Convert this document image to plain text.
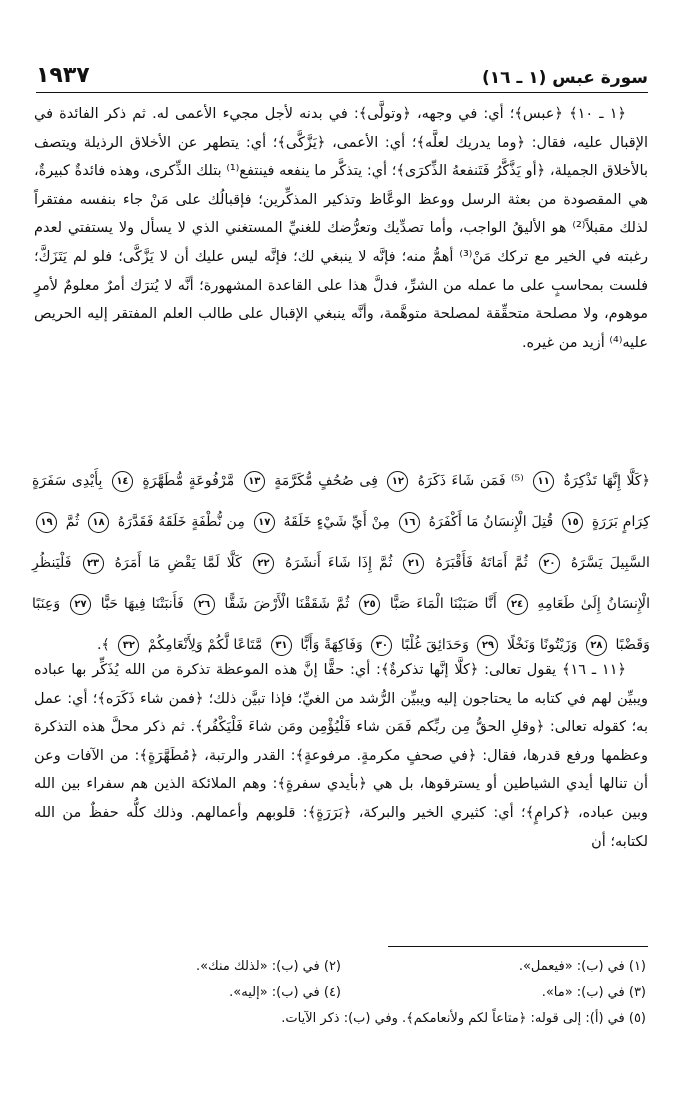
سورة عبس (١ ـ ١٦)
١٩٣٧

﴿١ ـ ١٠﴾ ﴿عبس﴾؛ أي: في وجهه، ﴿وتولَّى﴾: في بدنه لأجل مجيء الأعمى له. ثم ذكر الفائدة في الإقبال عليه، فقال: ﴿وما يدريك لعلَّه﴾؛ أي: الأعمى، ﴿يَزَّكَّى﴾؛ أي: يتطهر عن الأخلاق الرذيلة ويتصف بالأخلاق الجميلة، ﴿أو يَذَّكَّرُ فَتَنفعهُ الذِّكرَى﴾؛ أي: يتذكَّر ما ينفعه فينتفع⁽¹⁾ بتلك الذِّكرى، وهذه فائدةٌ كبيرةٌ، هي المقصودة من بعثة الرسل ووعظ الوعَّاظ وتذكير المذكِّرين؛ فإقبالُك على مَنْ جاء بنفسه مفتقراً لذلك مقبلاً⁽²⁾ هو الأليقُ الواجب، وأما تصدِّيك وتعرُّضك للغنيِّ المستغني الذي لا يسأل ولا يستفتي لعدم رغبته في الخير مع تركك مَنْ⁽³⁾ أهمُّ منه؛ فإنَّه لا ينبغي لك؛ فإنَّه ليس عليك أن لا يَزَّكَّى؛ فلو لم يَتَزَكَّ؛ فلست بمحاسبٍ على ما عمله من الشرِّ، فدلَّ هذا على القاعدة المشهورة؛ أنَّه لا يُترَك أمرٌ معلومٌ لأمرٍ موهوم، ولا مصلحة متحقِّقة لمصلحة متوهَّمة، وأنَّه ينبغي الإقبال على طالب العلم المفتقر إليه الحريص عليه⁽⁴⁾ أزيد من غيره.

﴿كَلَّا إِنَّهَا تَذْكِرَةٌ ١١ ⁽⁵⁾ فَمَن شَاءَ ذَكَرَهُ ١٢ فِى صُحُفٍ مُّكَرَّمَةٍ ١٣ مَّرْفُوعَةٍ مُّطَهَّرَةٍ ١٤ بِأَيْدِى سَفَرَةٍ كِرَامٍ بَرَرَةٍ ١٥ قُتِلَ الْإِنسَانُ مَا أَكْفَرَهُ ١٦ مِنْ أَيِّ شَيْءٍ خَلَقَهُ ١٧ مِن نُّطْفَةٍ خَلَقَهُ فَقَدَّرَهُ ١٨ ثُمَّ ١٩ السَّبِيلَ يَسَّرَهُ ٢٠ ثُمَّ أَمَاتَهُ فَأَقْبَرَهُ ٢١ ثُمَّ إِذَا شَاءَ أَنشَرَهُ ٢٢ كَلَّا لَمَّا يَقْضِ مَا أَمَرَهُ ٢٣ فَلْيَنظُرِ الْإِنسَانُ إِلَىٰ طَعَامِهِ ٢٤ أَنَّا صَبَبْنَا الْمَاءَ صَبًّا ٢٥ ثُمَّ شَقَقْنَا الْأَرْضَ شَقًّا ٢٦ فَأَنبَتْنَا فِيهَا حَبًّا ٢٧ وَعِنَبًا وَقَضْبًا ٢٨ وَزَيْتُونًا وَنَخْلًا ٢٩ وَحَدَائِقَ غُلْبًا ٣٠ وَفَاكِهَةً وَأَبًّا ٣١ مَّتَاعًا لَّكُمْ وَلِأَنْعَامِكُمْ ٣٢ ﴾.

﴿١١ ـ ١٦﴾ يقول تعالى: ﴿كلَّا إنَّها تذكرةٌ﴾: أي: حقًّا إنَّ هذه الموعظة تذكرة من الله يُذَكِّر بها عباده ويبيِّن لهم في كتابه ما يحتاجون إليه ويبيِّن الرُّشد من الغيِّ؛ فإذا تبيَّن ذلك؛ ﴿فمن شاء ذَكَرَه﴾؛ أي: عمل به؛ كقوله تعالى: ﴿وقلِ الحقُّ مِن ربِّكم فَمَن شاء فَلْيُؤْمِن ومَن شاءَ فَلْيَكْفُر﴾. ثم ذكر محلَّ هذه التذكرة وعظمها ورفع قدرها، فقال: ﴿في صحفٍ مكرمةٍ. مرفوعةٍ﴾: القدر والرتبة، ﴿مُطَهَّرَةٍ﴾: من الآفات وعن أن تنالها أيدي الشياطين أو يسترقوها، بل هي ﴿بأيدي سفرةٍ﴾: وهم الملائكة الذين هم سفراء بين الله وبين عباده، ﴿كرامٍ﴾؛ أي: كثيري الخير والبركة، ﴿بَرَرَةٍ﴾: قلوبهم وأعمالهم. وذلك كلُّه حفظٌ من الله لكتابه؛ أن

(١) في (ب): «فيعمل».
(٢) في (ب): «لذلك منك».
(٣) في (ب): «ما».
(٤) في (ب): «إليه».
(٥) في (أ): إلى قوله: ﴿متاعاً لكم ولأنعامكم﴾. وفي (ب): ذكر الآيات.
